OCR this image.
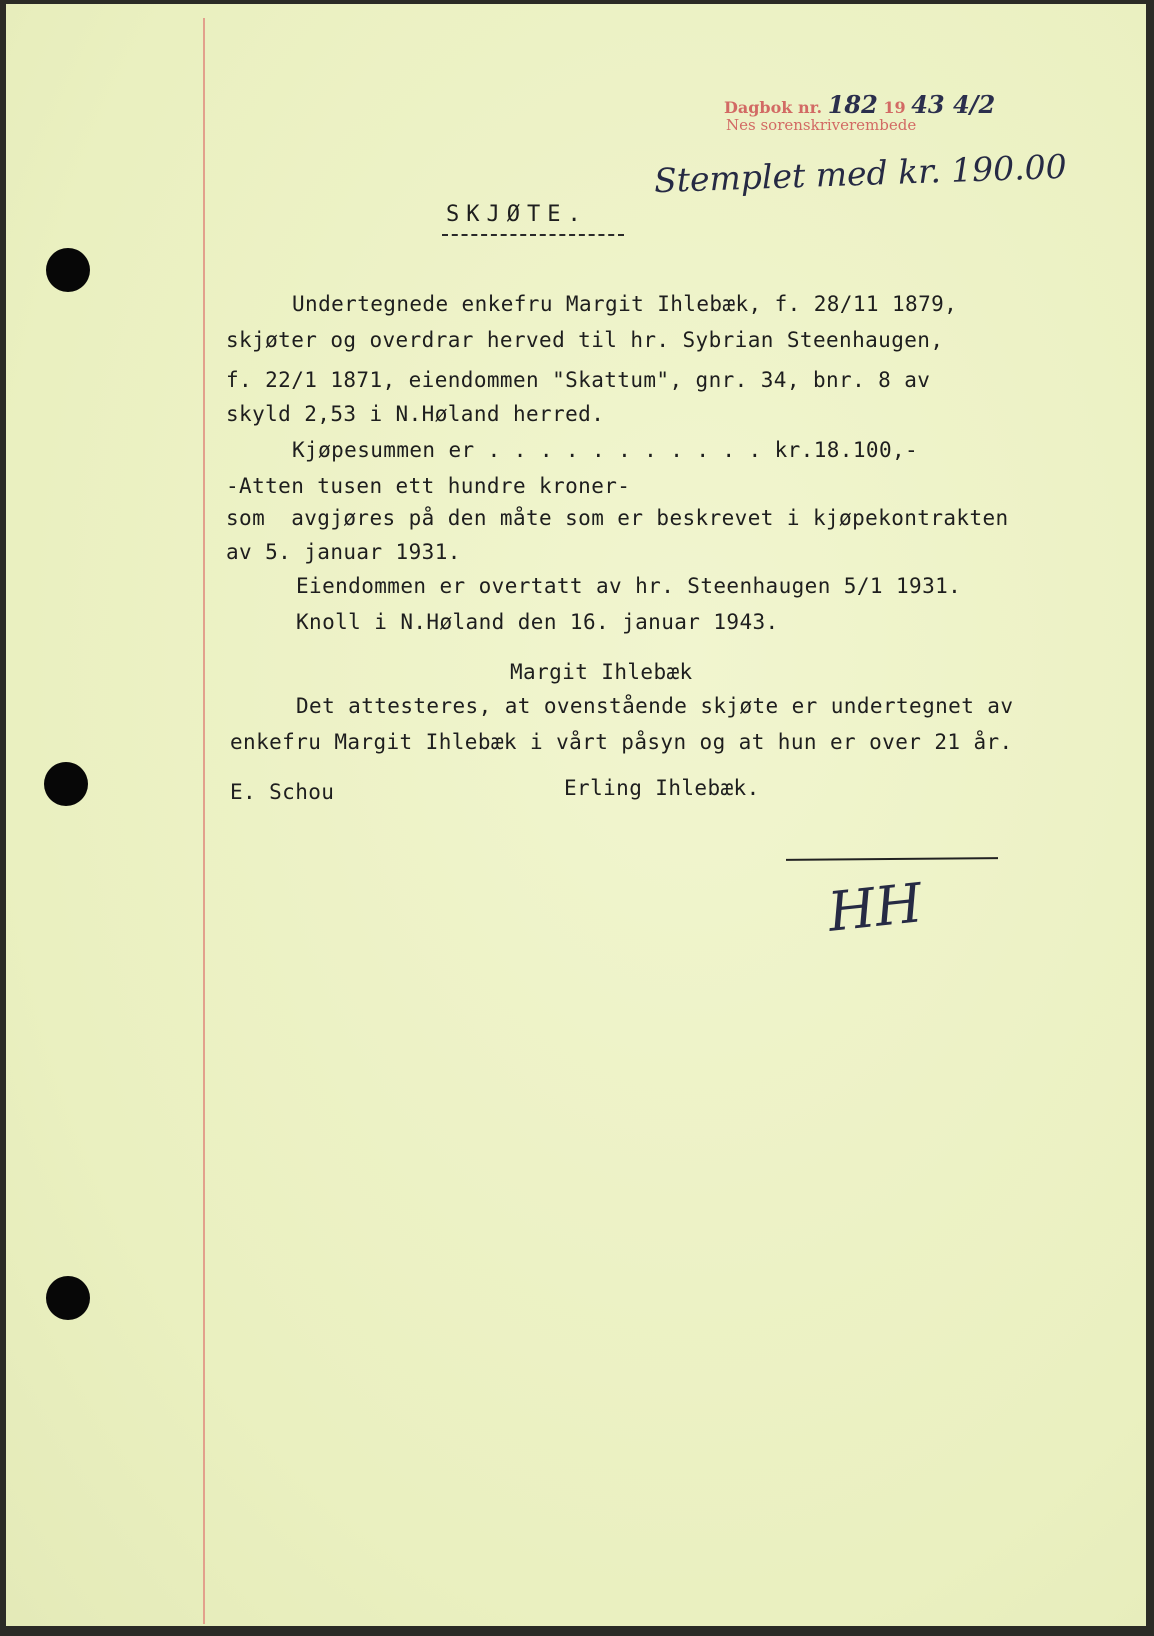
Dagbok nr. 182 19 43 4/2
Nes sorenskriverembede
Stemplet med kr. 190.00
SKJØTE.
Undertegnede enkefru Margit Ihlebæk, f. 28/11 1879,
skjøter og overdrar herved til hr. Sybrian Steenhaugen,
f. 22/1 1871, eiendommen "Skattum", gnr. 34, bnr. 8 av
skyld 2,53 i N.Høland herred.
Kjøpesummen er . . . . . . . . . . . kr.18.100,-
-Atten tusen ett hundre kroner-
som  avgjøres på den måte som er beskrevet i kjøpekontrakten
av 5. januar 1931.
Eiendommen er overtatt av hr. Steenhaugen 5/1 1931.
Knoll i N.Høland den 16. januar 1943.
Margit Ihlebæk
Det attesteres, at ovenstående skjøte er undertegnet av
enkefru Margit Ihlebæk i vårt påsyn og at hun er over 21 år.
E. Schou	Erling Ihlebæk.
HH
